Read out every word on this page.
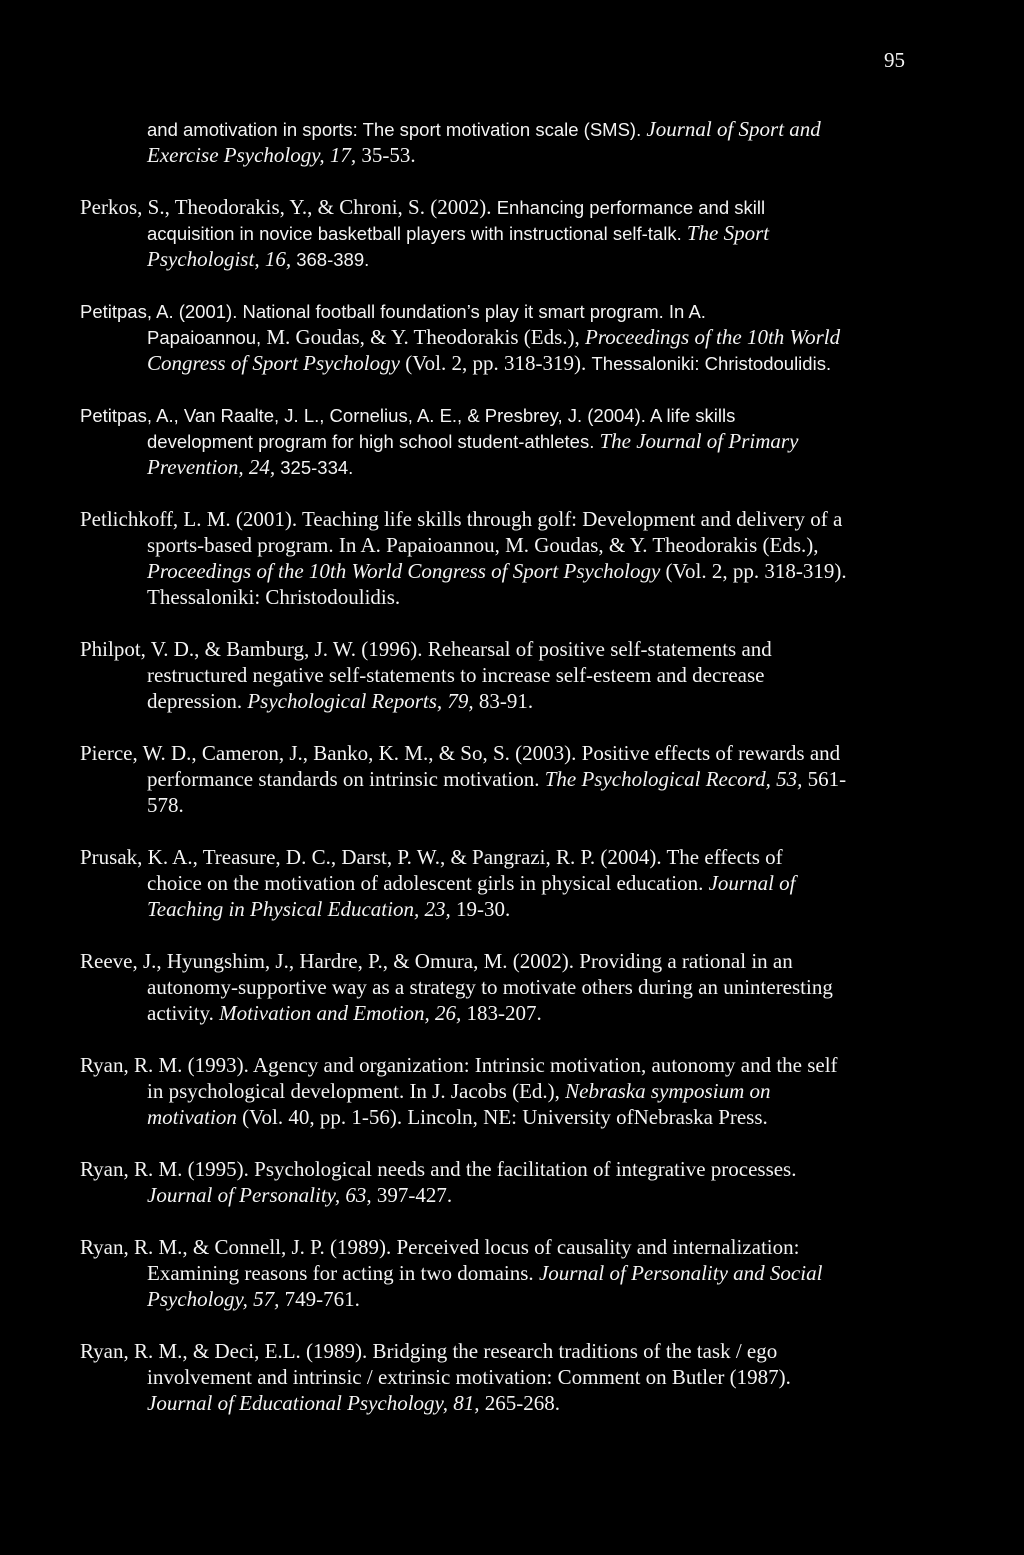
95
and amotivation in sports: The sport motivation scale (SMS). Journal of Sport and
Exercise Psychology, 17, 35-53.
Perkos, S., Theodorakis, Y., & Chroni, S. (2002). Enhancing performance and skill
acquisition in novice basketball players with instructional self-talk. The Sport
Psychologist, 16, 368-389.
Petitpas, A. (2001). National football foundation’s play it smart program. In A.
Papaioannou, M. Goudas, & Y. Theodorakis (Eds.), Proceedings of the 10th World
Congress of Sport Psychology (Vol. 2, pp. 318-319). Thessaloniki: Christodoulidis.
Petitpas, A., Van Raalte, J. L., Cornelius, A. E., & Presbrey, J. (2004). A life skills
development program for high school student-athletes. The Journal of Primary
Prevention, 24, 325-334.
Petlichkoff, L. M. (2001). Teaching life skills through golf: Development and delivery of a
sports-based program. In A. Papaioannou, M. Goudas, & Y. Theodorakis (Eds.),
Proceedings of the 10th World Congress of Sport Psychology (Vol. 2, pp. 318-319).
Thessaloniki: Christodoulidis.
Philpot, V. D., & Bamburg, J. W. (1996). Rehearsal of positive self-statements and
restructured negative self-statements to increase self-esteem and decrease
depression. Psychological Reports, 79, 83-91.
Pierce, W. D., Cameron, J., Banko, K. M., & So, S. (2003). Positive effects of rewards and
performance standards on intrinsic motivation. The Psychological Record, 53, 561-
578.
Prusak, K. A., Treasure, D. C., Darst, P. W., & Pangrazi, R. P. (2004). The effects of
choice on the motivation of adolescent girls in physical education. Journal of
Teaching in Physical Education, 23, 19-30.
Reeve, J., Hyungshim, J., Hardre, P., & Omura, M. (2002). Providing a rational in an
autonomy-supportive way as a strategy to motivate others during an uninteresting
activity. Motivation and Emotion, 26, 183-207.
Ryan, R. M. (1993). Agency and organization: Intrinsic motivation, autonomy and the self
in psychological development. In J. Jacobs (Ed.), Nebraska symposium on
motivation (Vol. 40, pp. 1-56). Lincoln, NE: University ofNebraska Press.
Ryan, R. M. (1995). Psychological needs and the facilitation of integrative processes.
Journal of Personality, 63, 397-427.
Ryan, R. M., & Connell, J. P. (1989). Perceived locus of causality and internalization:
Examining reasons for acting in two domains. Journal of Personality and Social
Psychology, 57, 749-761.
Ryan, R. M., & Deci, E.L. (1989). Bridging the research traditions of the task / ego
involvement and intrinsic / extrinsic motivation: Comment on Butler (1987).
Journal of Educational Psychology, 81, 265-268.
